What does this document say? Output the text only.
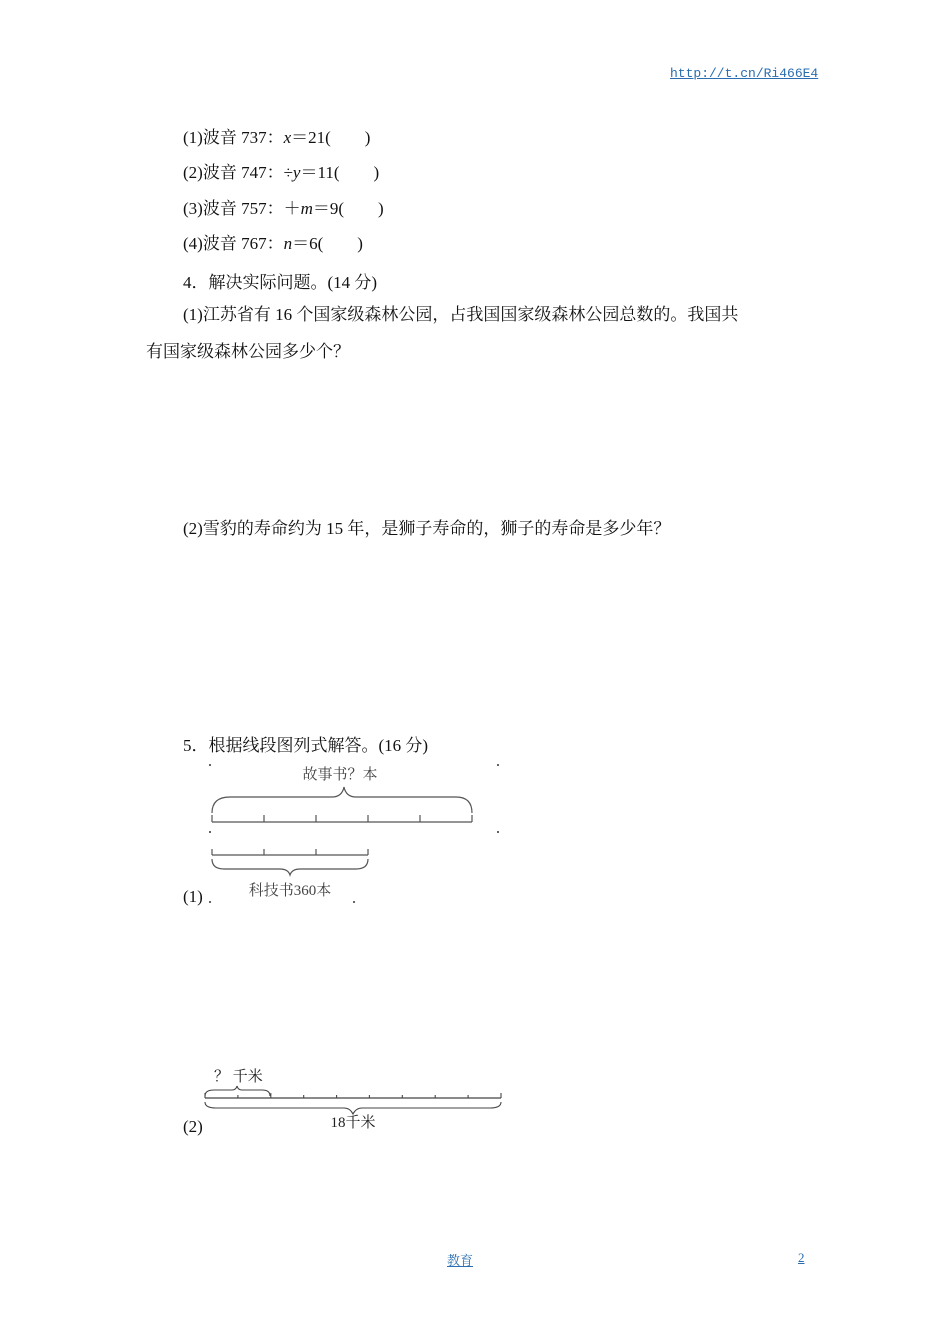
http://t.cn/Ri466E4
(1)波音 737：x＝21( )
(2)波音 747：÷y＝11( )
(3)波音 757：＋m＝9( )
(4)波音 767：n＝6( )
4．解决实际问题。(14 分)
(1)江苏省有 16 个国家级森林公园，占我国国家级森林公园总数的。我国共
有国家级森林公园多少个？
(2)雪豹的寿命约为 15 年，是狮子寿命的，狮子的寿命是多少年？
5．根据线段图列式解答。(16 分)
(1)
故事书？本
科技书360本
(2)
？ 千米
18千米
教育	2
